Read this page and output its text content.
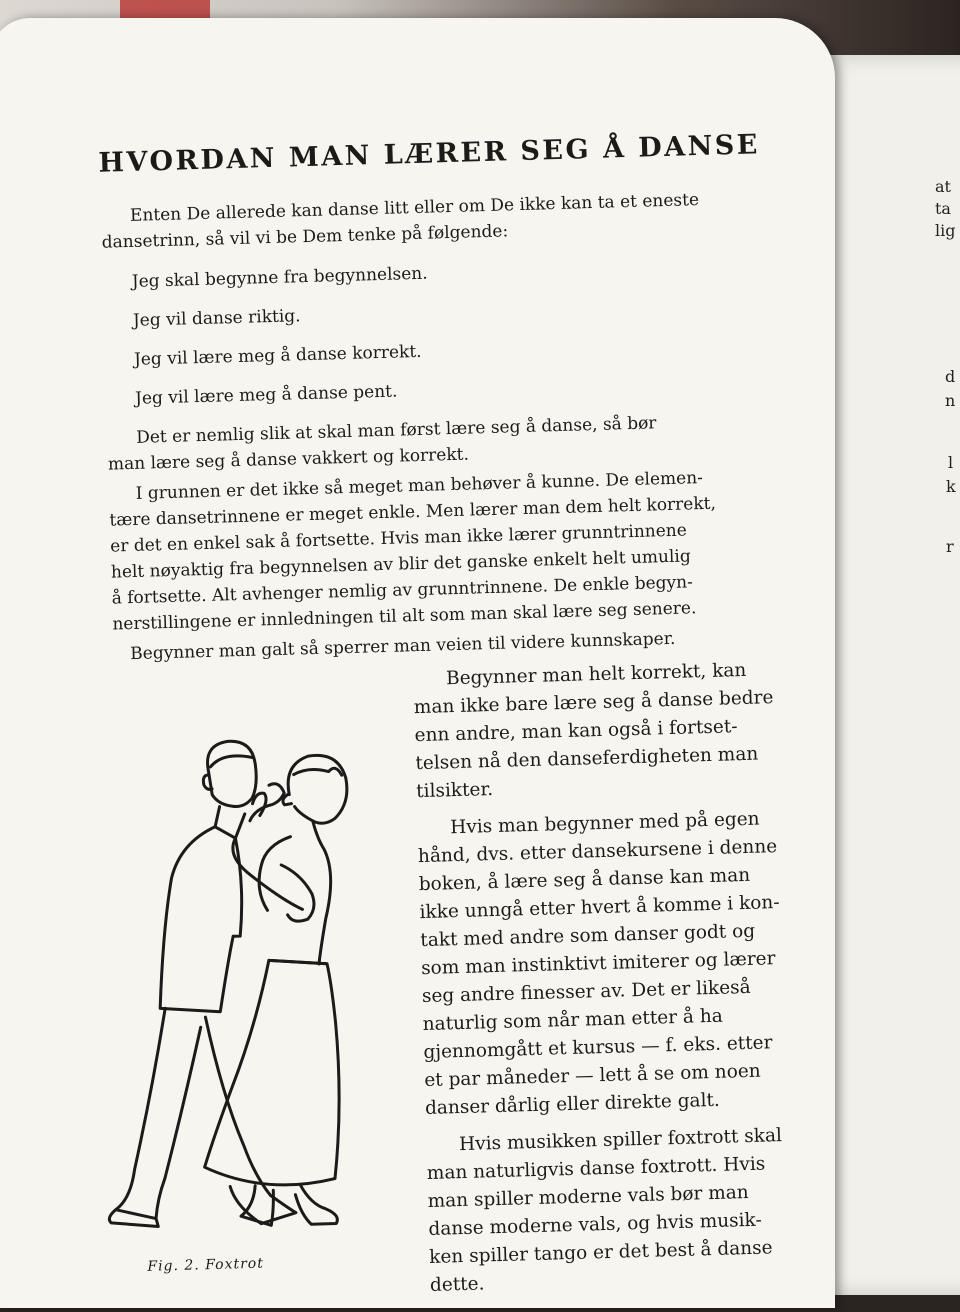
at
ta
lig
d
n
l
k
r
HVORDAN MAN LÆRER SEG Å DANSE
Enten De allerede kan danse litt eller om De ikke kan ta et eneste
dansetrinn, så vil vi be Dem tenke på følgende:
Jeg skal begynne fra begynnelsen.
Jeg vil danse riktig.
Jeg vil lære meg å danse korrekt.
Jeg vil lære meg å danse pent.
Det er nemlig slik at skal man først lære seg å danse, så bør
man lære seg å danse vakkert og korrekt.
I grunnen er det ikke så meget man behøver å kunne. De elemen-
tære dansetrinnene er meget enkle. Men lærer man dem helt korrekt,
er det en enkel sak å fortsette. Hvis man ikke lærer grunntrinnene
helt nøyaktig fra begynnelsen av blir det ganske enkelt helt umulig
å fortsette. Alt avhenger nemlig av grunntrinnene. De enkle begyn-
nerstillingene er innledningen til alt som man skal lære seg senere.
Begynner man galt så sperrer man veien til videre kunnskaper.
Begynner man helt korrekt, kan
man ikke bare lære seg å danse bedre
enn andre, man kan også i fortset-
telsen nå den danseferdigheten man
tilsikter.
Hvis man begynner med på egen
hånd, dvs. etter dansekursene i denne
boken, å lære seg å danse kan man
ikke unngå etter hvert å komme i kon-
takt med andre som danser godt og
som man instinktivt imiterer og lærer
seg andre finesser av. Det er likeså
naturlig som når man etter å ha
gjennomgått et kursus — f. eks. etter
et par måneder — lett å se om noen
danser dårlig eller direkte galt.
Hvis musikken spiller foxtrott skal
man naturligvis danse foxtrott. Hvis
man spiller moderne vals bør man
danse moderne vals, og hvis musik-
ken spiller tango er det best å danse
dette.
Fig. 2. Foxtrot
